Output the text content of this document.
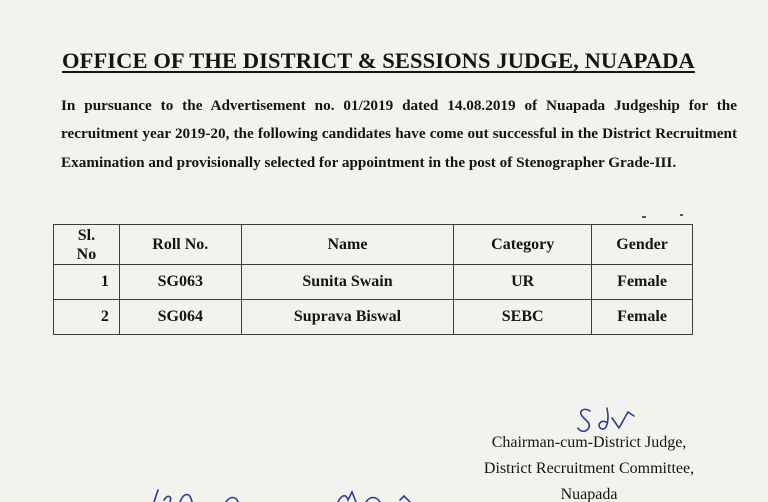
OFFICE OF THE DISTRICT & SESSIONS JUDGE, NUAPADA
In pursuance to the Advertisement no. 01/2019 dated 14.08.2019 of Nuapada Judgeship for the recruitment year 2019-20, the following candidates have come out successful in the District Recruitment Examination and provisionally selected for appointment in the post of Stenographer Grade-III.
Sl.
No	Roll No.	Name	Category	Gender
1	SG063	Sunita Swain	UR	Female
2	SG064	Suprava Biswal	SEBC	Female
Chairman-cum-District Judge,
District Recruitment Committee,
Nuapada
